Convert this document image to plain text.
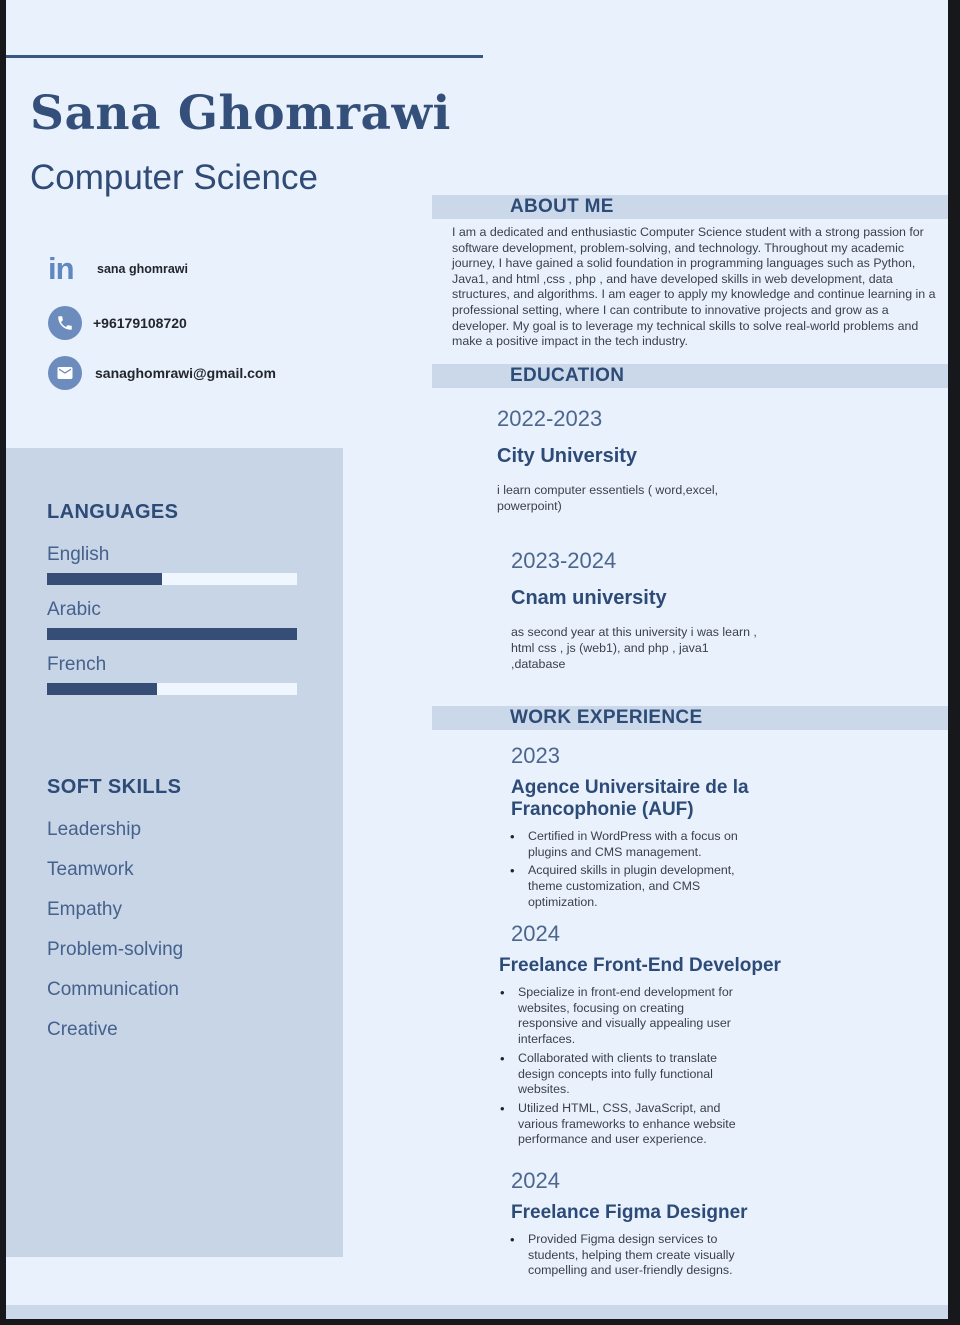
Sana Ghomrawi
Computer Science
in	sana ghomrawi
+96179108720
sanaghomrawi@gmail.com
LANGUAGES
English
Arabic
French
SOFT SKILLS
Leadership
Teamwork
Empathy
Problem-solving
Communication
Creative
ABOUT ME
I am a dedicated and enthusiastic Computer Science student with a strong passion for software development, problem-solving, and technology. Throughout my academic journey, I have gained a solid foundation in programming languages such as Python, Java1, and html ,css , php , and have developed skills in web development, data structures, and algorithms. I am eager to apply my knowledge and continue learning in a professional setting, where I can contribute to innovative projects and grow as a developer. My goal is to leverage my technical skills to solve real-world problems and make a positive impact in the tech industry.
EDUCATION
2022-2023
City University
i learn computer essentiels ( word,excel, powerpoint)
2023-2024
Cnam university
as second year at this university i was learn , html css , js (web1), and php , java1 ,database
WORK EXPERIENCE
2023
Agence Universitaire de la Francophonie (AUF)
•	Certified in WordPress with a focus on plugins and CMS management.
•	Acquired skills in plugin development, theme customization, and CMS optimization.
2024
Freelance Front-End Developer
•	Specialize in front-end development for websites, focusing on creating responsive and visually appealing user interfaces.
•	Collaborated with clients to translate design concepts into fully functional websites.
•	Utilized HTML, CSS, JavaScript, and various frameworks to enhance website performance and user experience.
2024
Freelance Figma Designer
•	Provided Figma design services to students, helping them create visually compelling and user-friendly designs.
